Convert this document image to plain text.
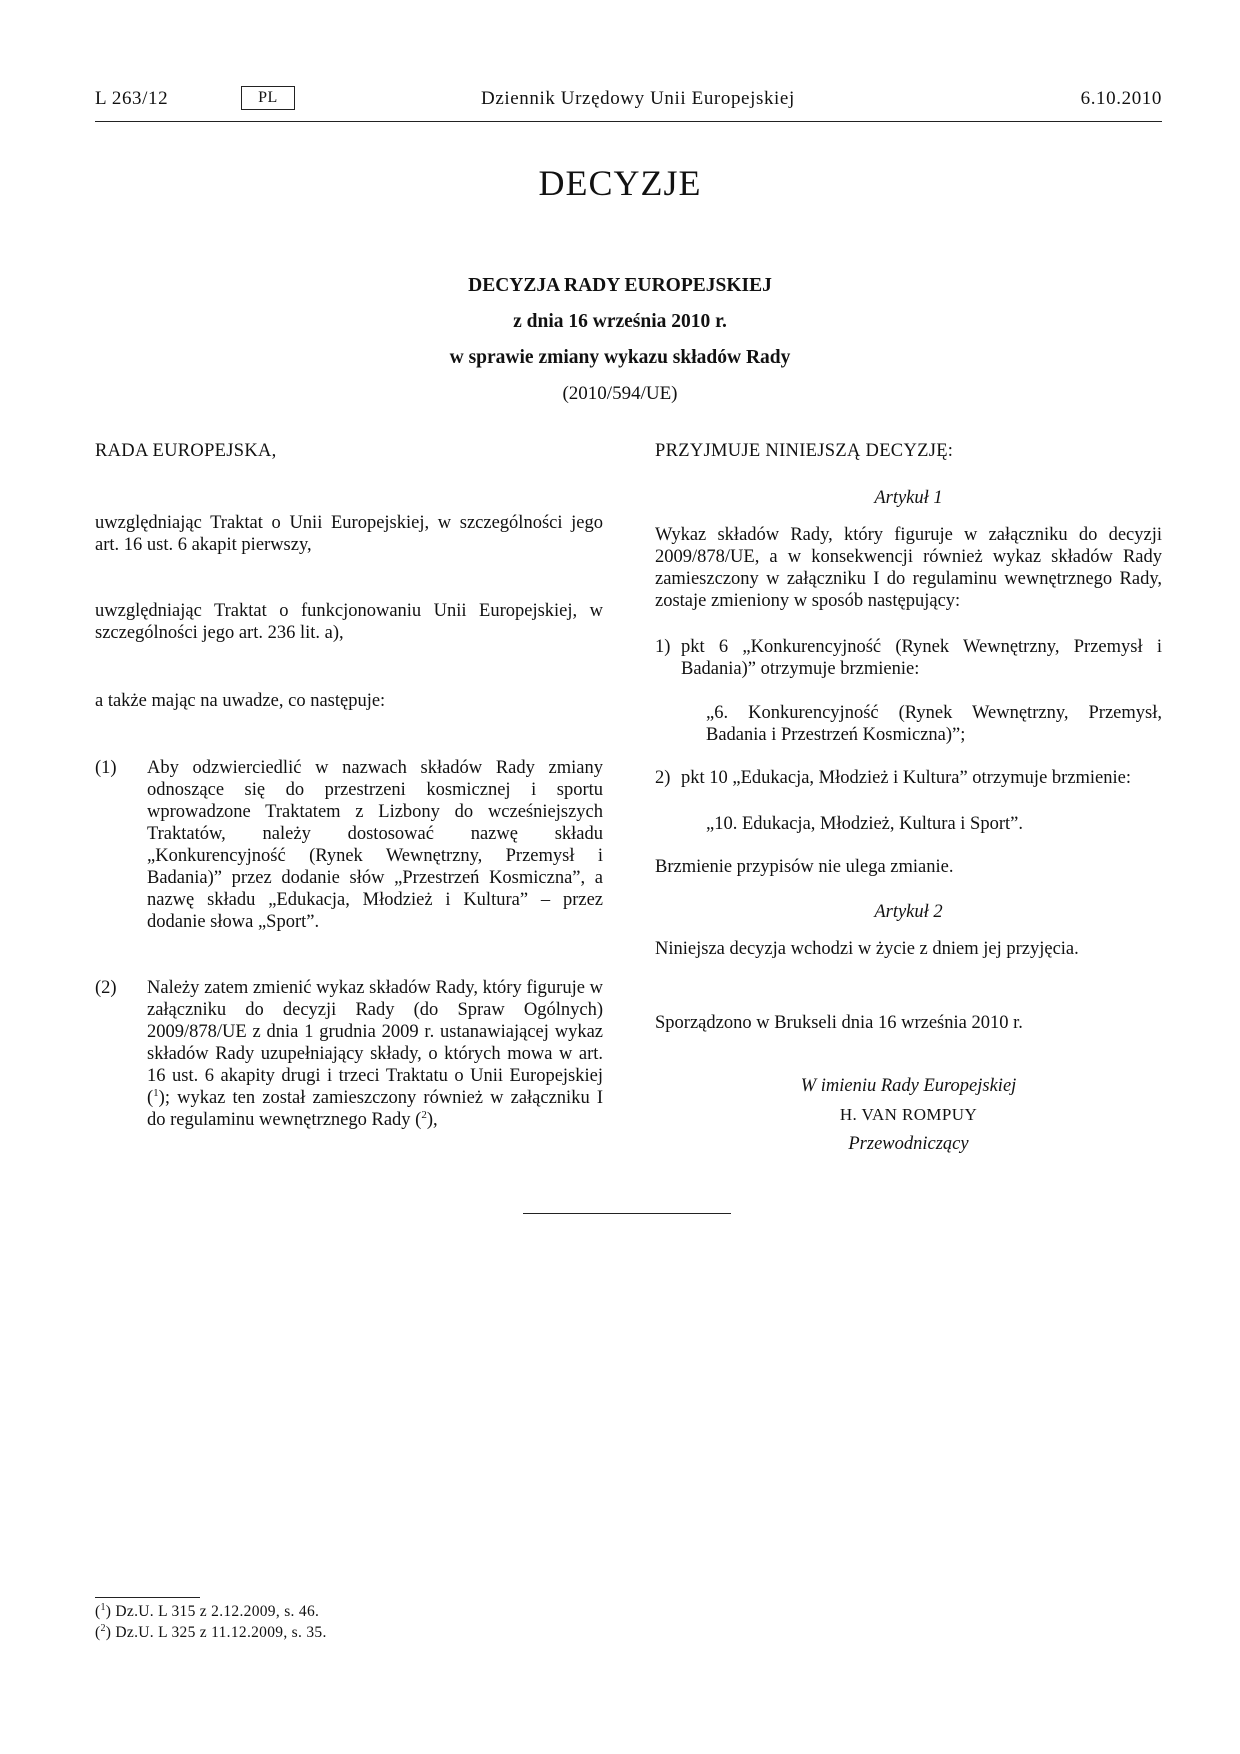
L 263/12	PL	Dziennik Urzędowy Unii Europejskiej	6.10.2010
DECYZJE
DECYZJA RADY EUROPEJSKIEJ
z dnia 16 września 2010 r.
w sprawie zmiany wykazu składów Rady
(2010/594/UE)
RADA EUROPEJSKA,
uwzględniając Traktat o Unii Europejskiej, w szczególności jego art. 16 ust. 6 akapit pierwszy,
uwzględniając Traktat o funkcjonowaniu Unii Europejskiej, w szczególności jego art. 236 lit. a),
a także mając na uwadze, co następuje:
(1) Aby odzwierciedlić w nazwach składów Rady zmiany odnoszące się do przestrzeni kosmicznej i sportu wprowadzone Traktatem z Lizbony do wcześniejszych Traktatów, należy dostosować nazwę składu „Konkurencyjność (Rynek Wewnętrzny, Przemysł i Badania)” przez dodanie słów „Przestrzeń Kosmiczna”, a nazwę składu „Edukacja, Młodzież i Kultura” – przez dodanie słowa „Sport”.
(2) Należy zatem zmienić wykaz składów Rady, który figuruje w załączniku do decyzji Rady (do Spraw Ogólnych) 2009/878/UE z dnia 1 grudnia 2009 r. ustanawiającej wykaz składów Rady uzupełniający składy, o których mowa w art. 16 ust. 6 akapity drugi i trzeci Traktatu o Unii Europejskiej ($^1$); wykaz ten został zamieszczony również w załączniku I do regulaminu wewnętrznego Rady ($^2$),
PRZYJMUJE NINIEJSZĄ DECYZJĘ:
Artykuł 1
Wykaz składów Rady, który figuruje w załączniku do decyzji 2009/878/UE, a w konsekwencji również wykaz składów Rady zamieszczony w załączniku I do regulaminu wewnętrznego Rady, zostaje zmieniony w sposób następujący:
1) pkt 6 „Konkurencyjność (Rynek Wewnętrzny, Przemysł i Badania)” otrzymuje brzmienie:
„6. Konkurencyjność (Rynek Wewnętrzny, Przemysł, Badania i Przestrzeń Kosmiczna)”;
2) pkt 10 „Edukacja, Młodzież i Kultura” otrzymuje brzmienie:
„10. Edukacja, Młodzież, Kultura i Sport”.
Brzmienie przypisów nie ulega zmianie.
Artykuł 2
Niniejsza decyzja wchodzi w życie z dniem jej przyjęcia.
Sporządzono w Brukseli dnia 16 września 2010 r.
W imieniu Rady Europejskiej
H. VAN ROMPUY
Przewodniczący
($^1$) Dz.U. L 315 z 2.12.2009, s. 46.
($^2$) Dz.U. L 325 z 11.12.2009, s. 35.
